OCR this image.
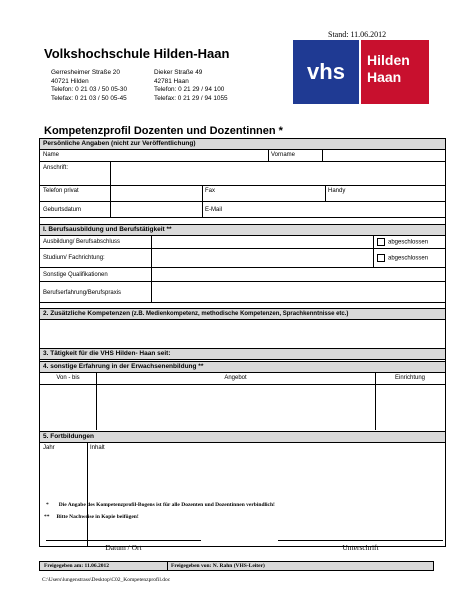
Stand: 11.06.2012
Volkshochschule Hilden-Haan
Gerresheimer Straße 20
40721 Hilden
Telefon: 0 21 03 / 50 05-30
Telefax: 0 21 03 / 50 05-45
Dieker Straße 49
42781 Haan
Telefon: 0 21 29 / 94 100
Telefax: 0 21 29 / 94 1055
vhs	Hilden
Haan
Kompetenzprofil Dozenten und Dozentinnen *
Persönliche Angaben (nicht zur Veröffentlichung)
Name	Vorname
Anschrift:
Telefon privat	Fax	Handy
Geburtsdatum	E-Mail
I. Berufsausbildung und Berufstätigkeit **
Ausbildung/ Berufsabschluss	abgeschlossen
Studium/ Fachrichtung:	abgeschlossen
Sonstige Qualifikationen
Berufserfahrung/Berufspraxis
2. Zusätzliche Kompetenzen (z.B. Medienkompetenz, methodische Kompetenzen, Sprachkenntnisse etc.)
3. Tätigkeit für die VHS Hilden- Haan seit:
4. sonstige Erfahrung in der Erwachsenenbildung **
Von - bis	Angebot	Einrichtung
5. Fortbildungen
Jahr	Inhalt
* Die Angabe des Kompetenzprofil-Bogens ist für alle Dozenten und Dozentinnen verbindlich!
** Bitte Nachweise in Kopie beifügen!
Datum / Ort	Unterschrift
Freigegeben am: 11.06.2012	Freigegeben von: N. Rahn (VHS-Leiter)
C:\Users\lungenstrass\Desktop\C02_Kompetenzprofil.doc
